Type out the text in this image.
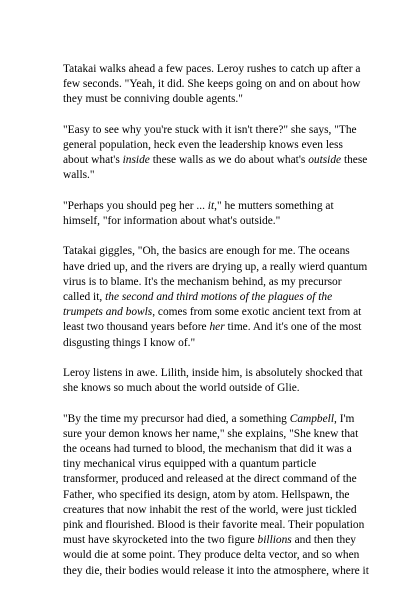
Tatakai walks ahead a few paces. Leroy rushes to catch up after a
few seconds. "Yeah, it did. She keeps going on and on about how
they must be conniving double agents."

"Easy to see why you're stuck with it isn't there?" she says, "The
general population, heck even the leadership knows even less
about what's inside these walls as we do about what's outside these
walls."

"Perhaps you should peg her ... it," he mutters something at
himself, "for information about what's outside."

Tatakai giggles, "Oh, the basics are enough for me. The oceans
have dried up, and the rivers are drying up, a really wierd quantum
virus is to blame. It's the mechanism behind, as my precursor
called it, the second and third motions of the plagues of the
trumpets and bowls, comes from some exotic ancient text from at
least two thousand years before her time. And it's one of the most
disgusting things I know of."

Leroy listens in awe. Lilith, inside him, is absolutely shocked that
she knows so much about the world outside of Glie.

"By the time my precursor had died, a something Campbell, I'm
sure your demon knows her name," she explains, "She knew that
the oceans had turned to blood, the mechanism that did it was a
tiny mechanical virus equipped with a quantum particle
transformer, produced and released at the direct command of the
Father, who specified its design, atom by atom. Hellspawn, the
creatures that now inhabit the rest of the world, were just tickled
pink and flourished. Blood is their favorite meal. Their population
must have skyrocketed into the two figure billions and then they
would die at some point. They produce delta vector, and so when
they die, their bodies would release it into the atmosphere, where it
